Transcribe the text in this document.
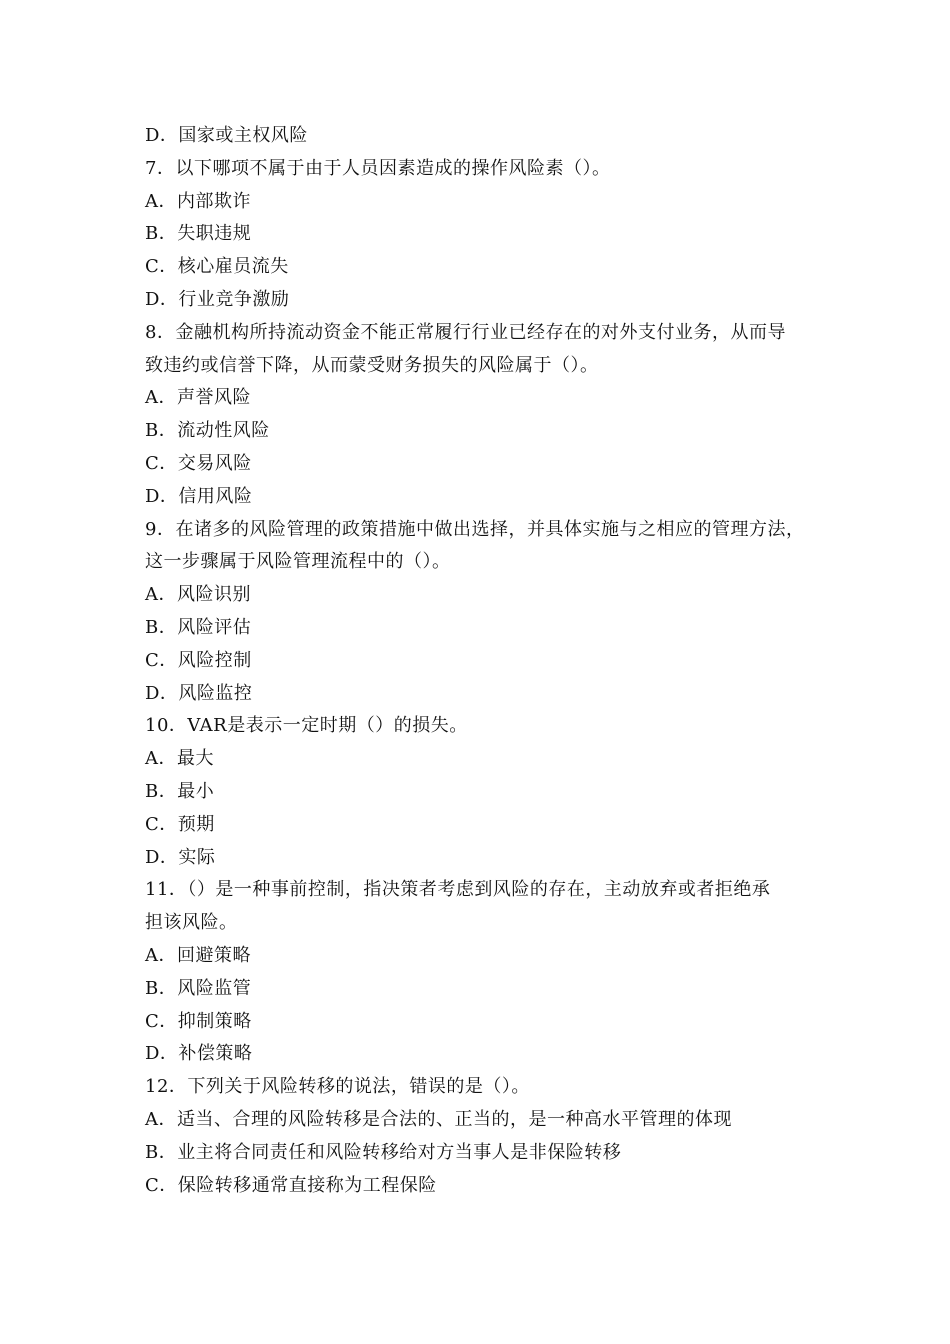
D．国家或主权风险
7．以下哪项不属于由于人员因素造成的操作风险素（）。
A．内部欺诈
B．失职违规
C．核心雇员流失
D．行业竞争激励
8．金融机构所持流动资金不能正常履行行业已经存在的对外支付业务，从而导
致违约或信誉下降，从而蒙受财务损失的风险属于（）。
A．声誉风险
B．流动性风险
C．交易风险
D．信用风险
9．在诸多的风险管理的政策措施中做出选择，并具体实施与之相应的管理方法，
这一步骤属于风险管理流程中的（）。
A．风险识别
B．风险评估
C．风险控制
D．风险监控
10．VAR是表示一定时期（）的损失。
A．最大
B．最小
C．预期
D．实际
11．（）是一种事前控制，指决策者考虑到风险的存在，主动放弃或者拒绝承
担该风险。
A．回避策略
B．风险监管
C．抑制策略
D．补偿策略
12．下列关于风险转移的说法，错误的是（）。
A．适当、合理的风险转移是合法的、正当的，是一种高水平管理的体现
B．业主将合同责任和风险转移给对方当事人是非保险转移
C．保险转移通常直接称为工程保险
